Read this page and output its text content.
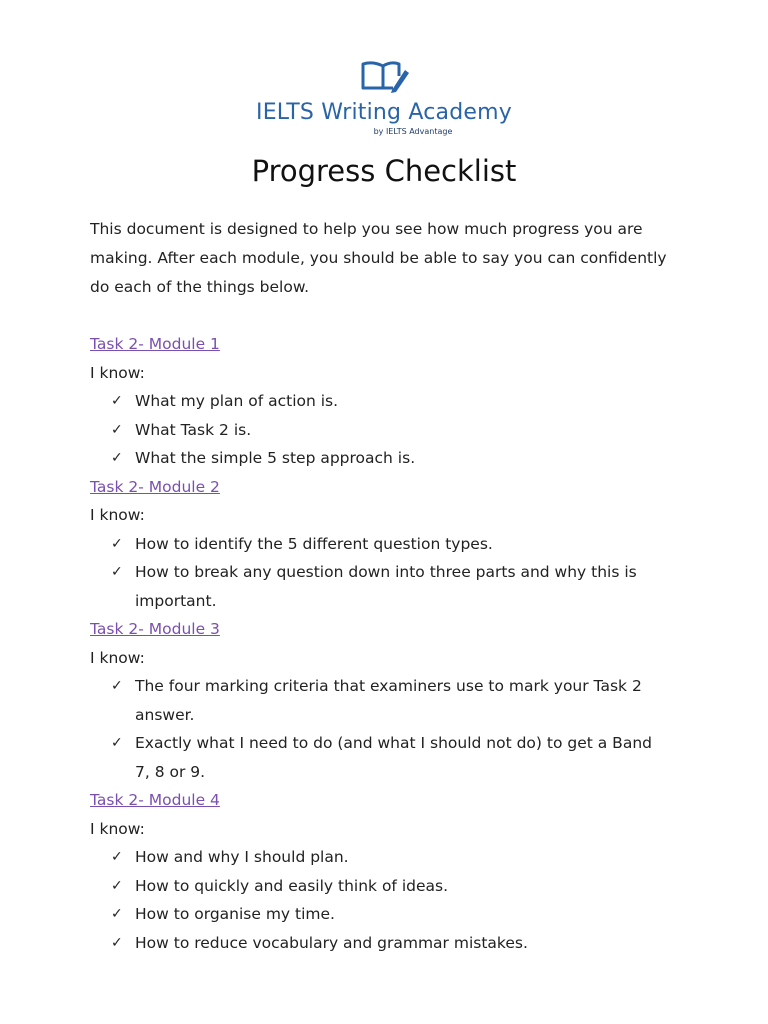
IELTS Writing Academy
by IELTS Advantage
Progress Checklist
This document is designed to help you see how much progress you are making. After each module, you should be able to say you can confidently do each of the things below.
Task 2- Module 1
I know:
✓ What my plan of action is.
✓ What Task 2 is.
✓ What the simple 5 step approach is.
Task 2- Module 2
I know:
✓ How to identify the 5 different question types.
✓ How to break any question down into three parts and why this is important.
Task 2- Module 3
I know:
✓ The four marking criteria that examiners use to mark your Task 2 answer.
✓ Exactly what I need to do (and what I should not do) to get a Band 7, 8 or 9.
Task 2- Module 4
I know:
✓ How and why I should plan.
✓ How to quickly and easily think of ideas.
✓ How to organise my time.
✓ How to reduce vocabulary and grammar mistakes.
